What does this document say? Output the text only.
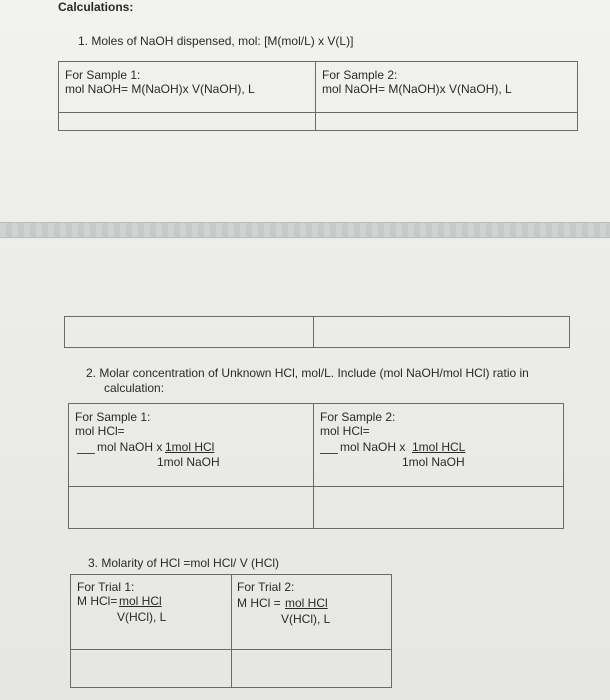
Calculations:
1. Moles of NaOH dispensed, mol: [M(mol/L) x V(L)]
For Sample 1:
mol NaOH= M(NaOH)x V(NaOH), L
For Sample 2:
mol NaOH= M(NaOH)x V(NaOH), L
2. Molar concentration of Unknown HCl, mol/L. Include (mol NaOH/mol HCl) ratio in
calculation:
For Sample 1:
mol HCl=
mol NaOH x 1mol HCl
1mol NaOH
For Sample 2:
mol HCl=
mol NaOH x 1mol HCL
1mol NaOH
3. Molarity of HCl =mol HCl/ V (HCl)
For Trial 1:
M HCl= mol HCl
V(HCl), L
For Trial 2:
M HCl = mol HCl
V(HCl), L
